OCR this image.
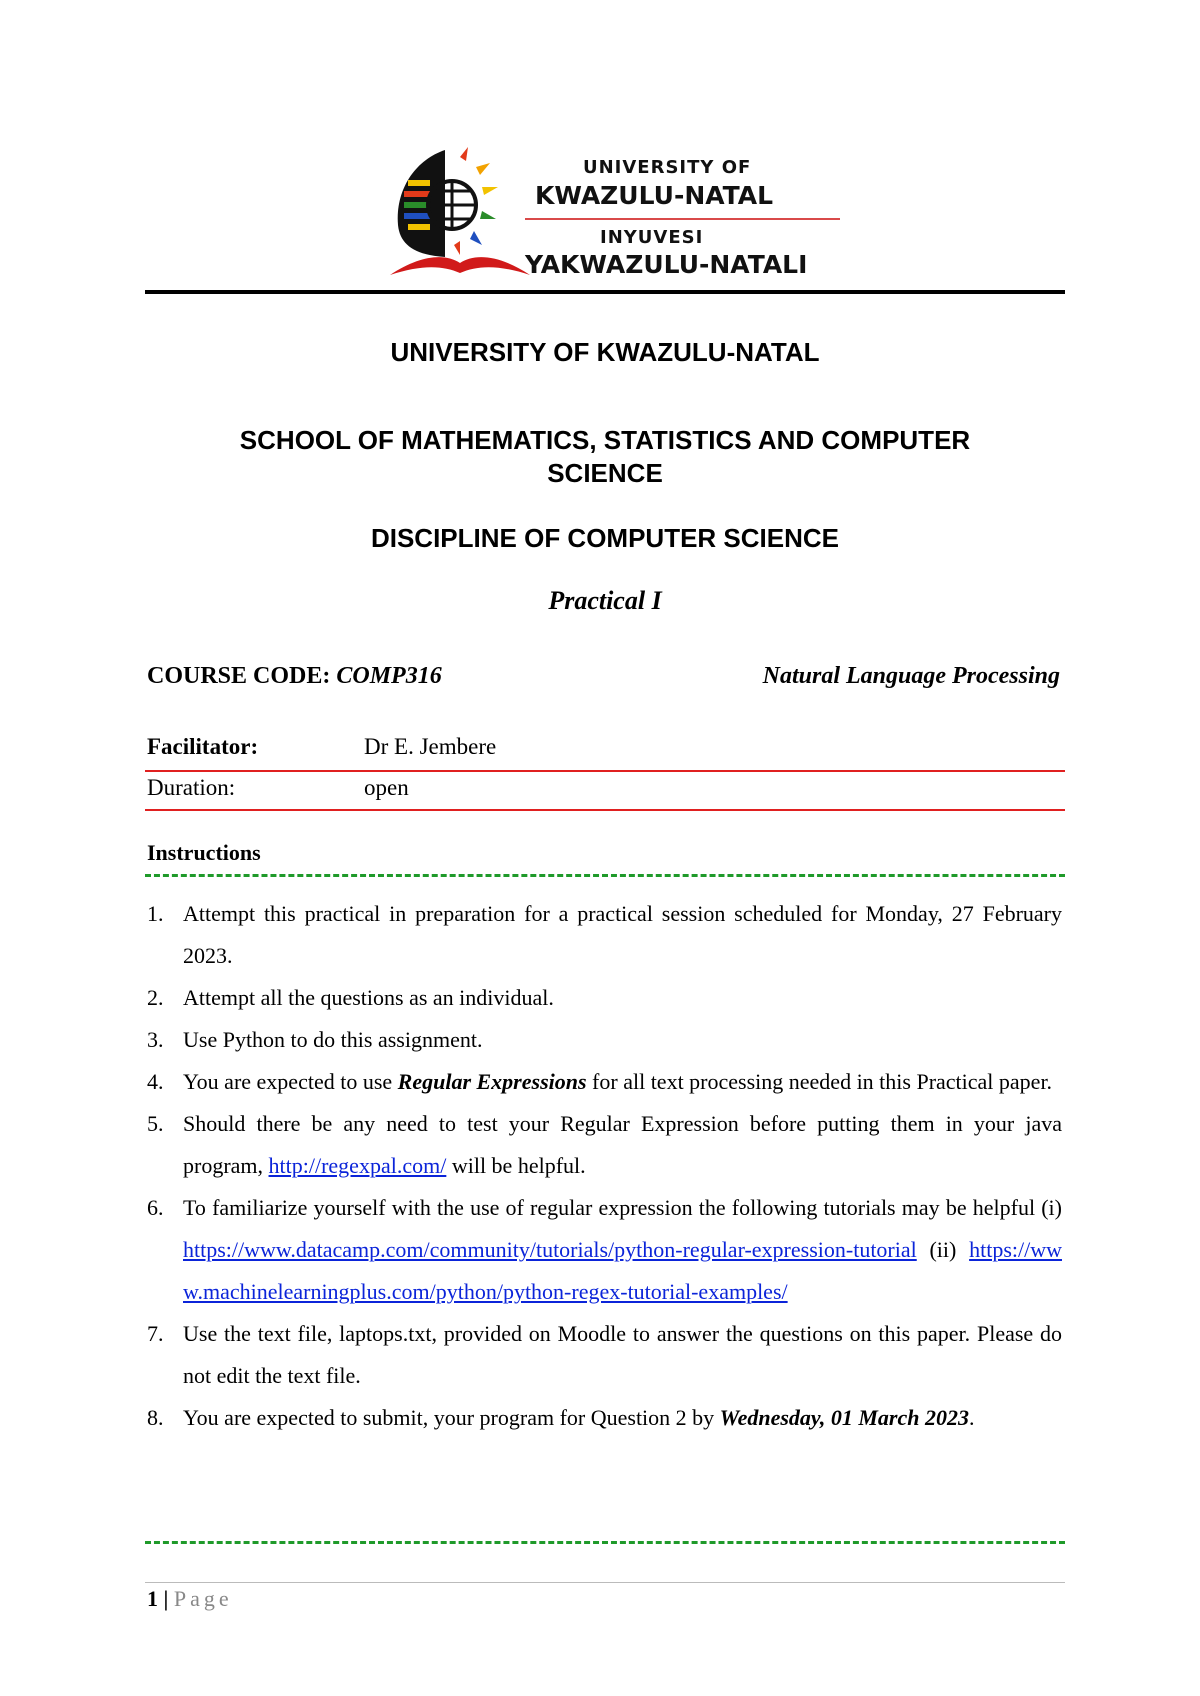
UNIVERSITY OF
KWAZULU-NATAL
INYUVESI
YAKWAZULU-NATALI
UNIVERSITY OF KWAZULU-NATAL
SCHOOL OF MATHEMATICS, STATISTICS AND COMPUTER
SCIENCE
DISCIPLINE OF COMPUTER SCIENCE
Practical I
COURSE CODE: COMP316	Natural Language Processing
Facilitator:	Dr E. Jembere
Duration:	open
Instructions
1. Attempt this practical in preparation for a practical session scheduled for Monday, 27 February 2023.
2. Attempt all the questions as an individual.
3. Use Python to do this assignment.
4. You are expected to use Regular Expressions for all text processing needed in this Practical paper.
5. Should there be any need to test your Regular Expression before putting them in your java program, http://regexpal.com/ will be helpful.
6. To familiarize yourself with the use of regular expression the following tutorials may be helpful (i) https://www.datacamp.com/community/tutorials/python-regular-expression-tutorial (ii) https://www.machinelearningplus.com/python/python-regex-tutorial-examples/
7. Use the text file, laptops.txt, provided on Moodle to answer the questions on this paper. Please do not edit the text file.
8. You are expected to submit, your program for Question 2 by Wednesday, 01 March 2023.
1 | Page
